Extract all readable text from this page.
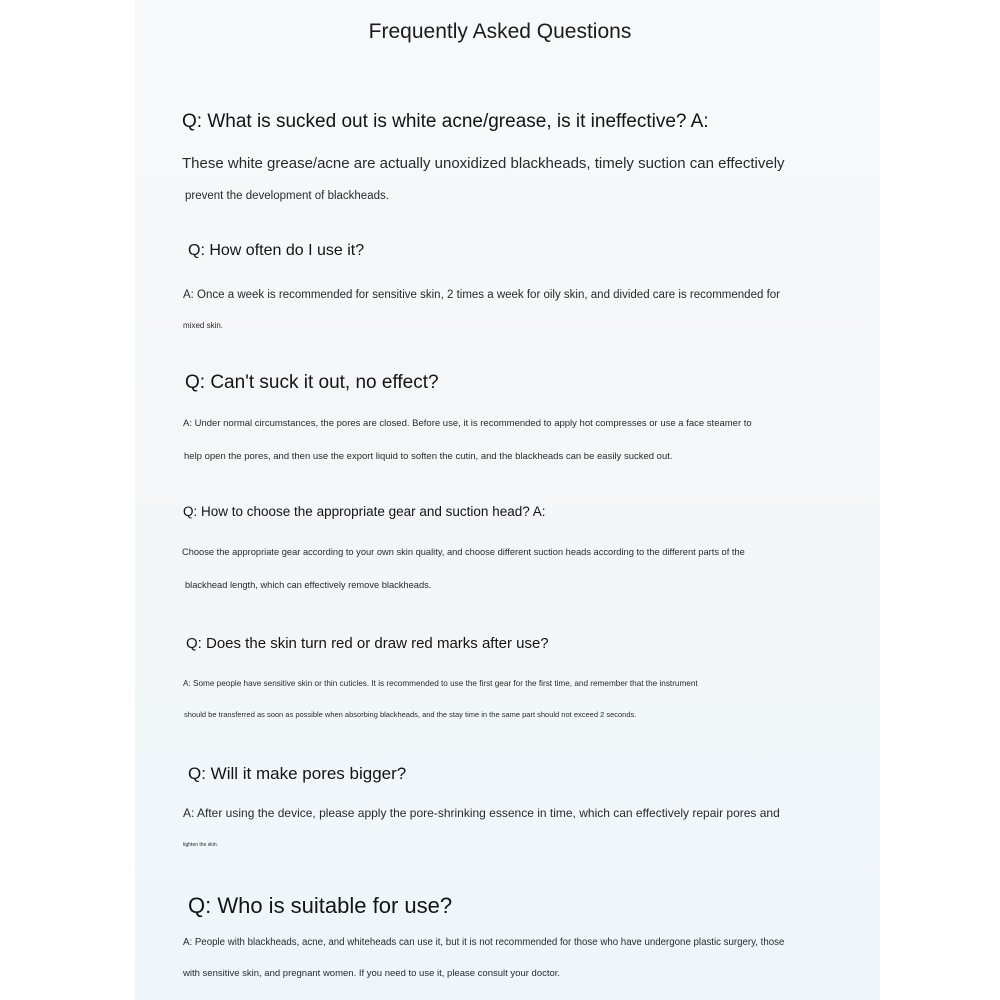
Frequently Asked Questions
Q: What is sucked out is white acne/grease, is it ineffective? A:
These white grease/acne are actually unoxidized blackheads, timely suction can effectively
prevent the development of blackheads.
Q: How often do I use it?
A: Once a week is recommended for sensitive skin, 2 times a week for oily skin, and divided care is recommended for
mixed skin.
Q: Can't suck it out, no effect?
A: Under normal circumstances, the pores are closed. Before use, it is recommended to apply hot compresses or use a face steamer to
help open the pores, and then use the export liquid to soften the cutin, and the blackheads can be easily sucked out.
Q: How to choose the appropriate gear and suction head? A:
Choose the appropriate gear according to your own skin quality, and choose different suction heads according to the different parts of the
blackhead length, which can effectively remove blackheads.
Q: Does the skin turn red or draw red marks after use?
A: Some people have sensitive skin or thin cuticles. It is recommended to use the first gear for the first time, and remember that the instrument
should be transferred as soon as possible when absorbing blackheads, and the stay time in the same part should not exceed 2 seconds.
Q: Will it make pores bigger?
A: After using the device, please apply the pore-shrinking essence in time, which can effectively repair pores and
tighten the skin.
Q: Who is suitable for use?
A: People with blackheads, acne, and whiteheads can use it, but it is not recommended for those who have undergone plastic surgery, those
with sensitive skin, and pregnant women. If you need to use it, please consult your doctor.
